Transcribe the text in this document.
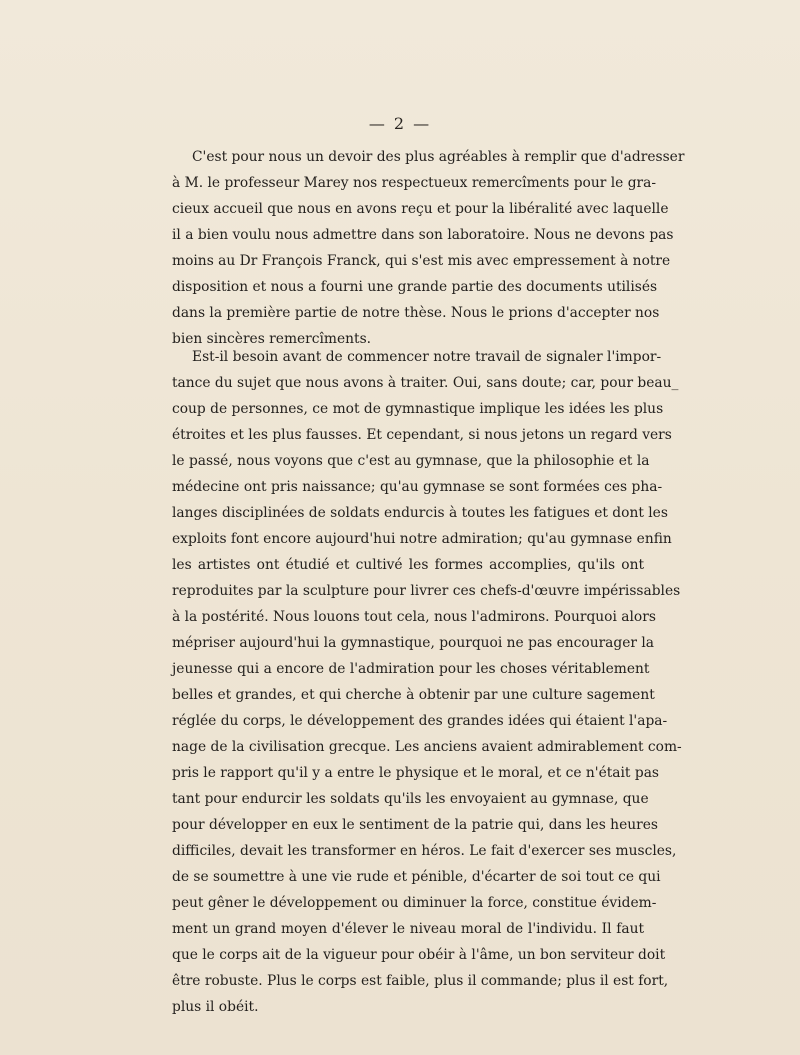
— 2 —
C'est pour nous un devoir des plus agréables à remplir que d'adresser
à M. le professeur Marey nos respectueux remercîments pour le gra-
cieux accueil que nous en avons reçu et pour la libéralité avec laquelle
il a bien voulu nous admettre dans son laboratoire. Nous ne devons pas
moins au Dr François Franck, qui s'est mis avec empressement à notre
disposition et nous a fourni une grande partie des documents utilisés
dans la première partie de notre thèse. Nous le prions d'accepter nos
bien sincères remercîments.
Est-il besoin avant de commencer notre travail de signaler l'impor-
tance du sujet que nous avons à traiter. Oui, sans doute; car, pour beau_
coup de personnes, ce mot de gymnastique implique les idées les plus
étroites et les plus fausses. Et cependant, si nous jetons un regard vers
le passé, nous voyons que c'est au gymnase, que la philosophie et la
médecine ont pris naissance; qu'au gymnase se sont formées ces pha-
langes disciplinées de soldats endurcis à toutes les fatigues et dont les
exploits font encore aujourd'hui notre admiration; qu'au gymnase enfin
les artistes ont étudié et cultivé les formes accomplies, qu'ils ont
reproduites par la sculpture pour livrer ces chefs-d'œuvre impérissables
à la postérité. Nous louons tout cela, nous l'admirons. Pourquoi alors
mépriser aujourd'hui la gymnastique, pourquoi ne pas encourager la
jeunesse qui a encore de l'admiration pour les choses véritablement
belles et grandes, et qui cherche à obtenir par une culture sagement
réglée du corps, le développement des grandes idées qui étaient l'apa-
nage de la civilisation grecque. Les anciens avaient admirablement com-
pris le rapport qu'il y a entre le physique et le moral, et ce n'était pas
tant pour endurcir les soldats qu'ils les envoyaient au gymnase, que
pour développer en eux le sentiment de la patrie qui, dans les heures
difficiles, devait les transformer en héros. Le fait d'exercer ses muscles,
de se soumettre à une vie rude et pénible, d'écarter de soi tout ce qui
peut gêner le développement ou diminuer la force, constitue évidem-
ment un grand moyen d'élever le niveau moral de l'individu. Il faut
que le corps ait de la vigueur pour obéir à l'âme, un bon serviteur doit
être robuste. Plus le corps est faible, plus il commande; plus il est fort,
plus il obéit.
